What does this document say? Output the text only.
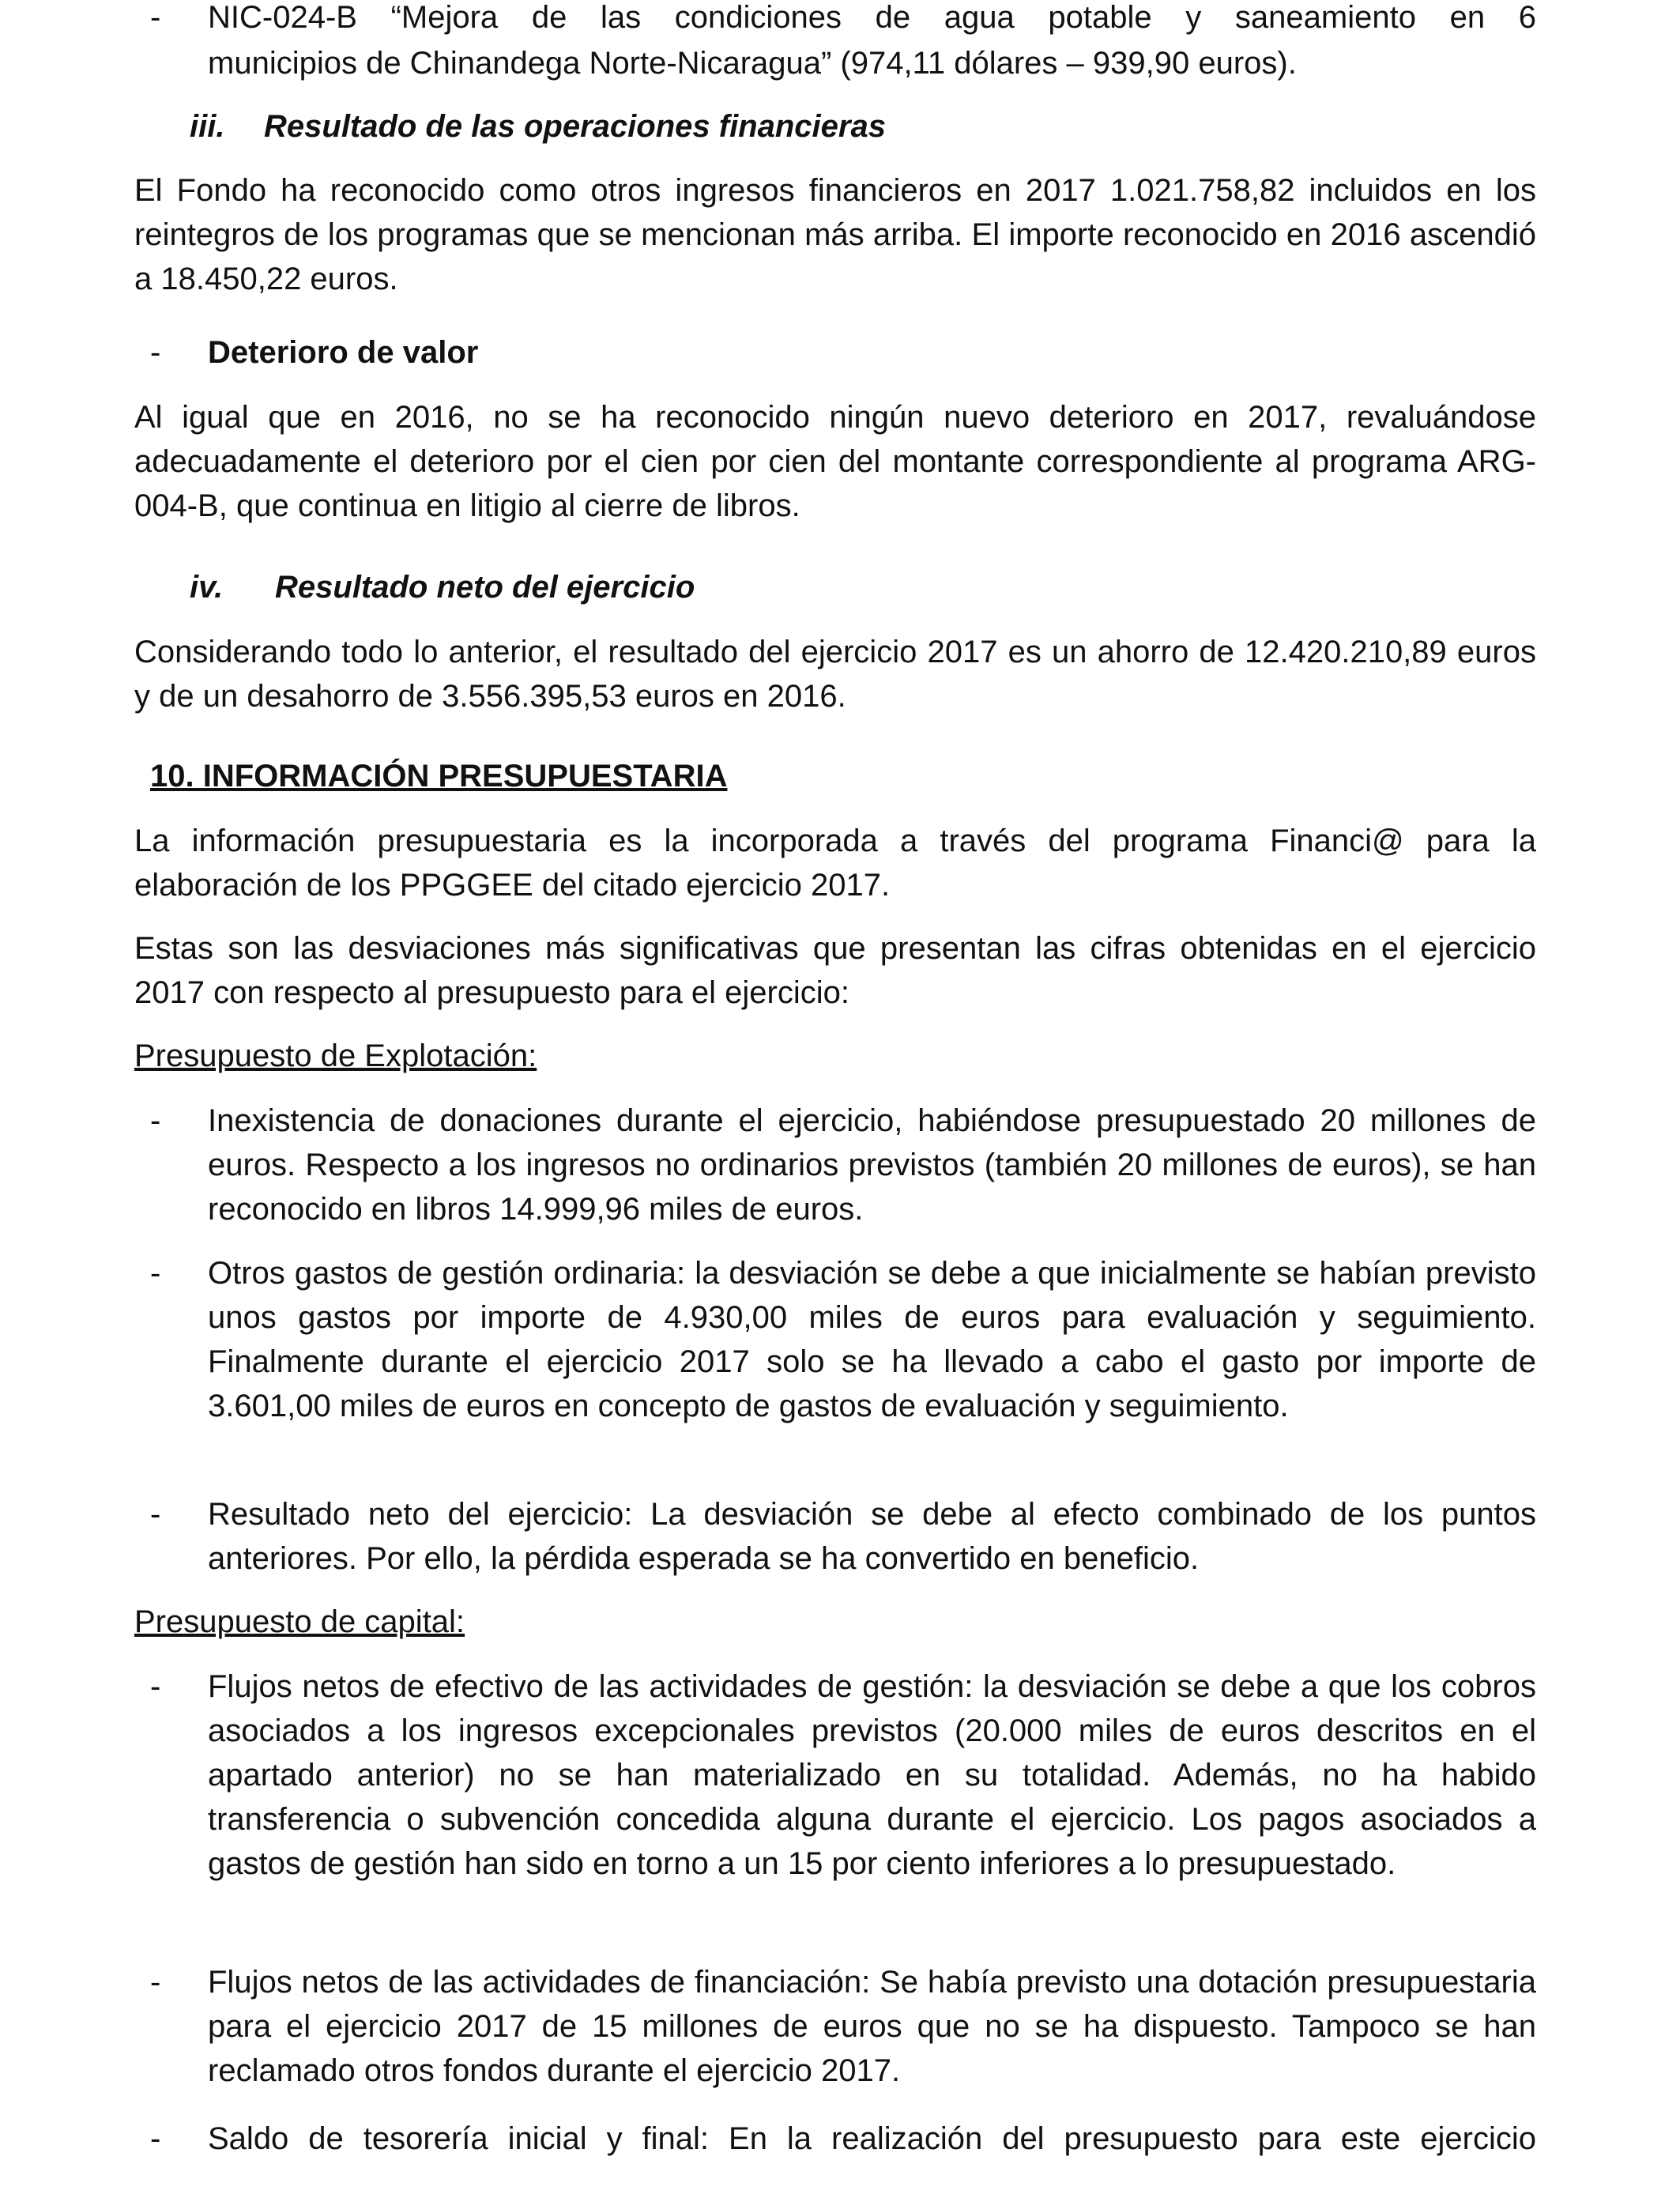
-	NIC-024-B “Mejora de las condiciones de agua potable y saneamiento en 6
municipios de Chinandega Norte-Nicaragua” (974,11 dólares – 939,90 euros).
iii. Resultado de las operaciones financieras
El Fondo ha reconocido como otros ingresos financieros en 2017 1.021.758,82 incluidos en los reintegros de los programas que se mencionan más arriba. El importe reconocido en 2016 ascendió a 18.450,22 euros.
-	Deterioro de valor
Al igual que en 2016, no se ha reconocido ningún nuevo deterioro en 2017, revaluándose adecuadamente el deterioro por el cien por cien del montante correspondiente al programa ARG-004-B, que continua en litigio al cierre de libros.
iv. Resultado neto del ejercicio
Considerando todo lo anterior, el resultado del ejercicio 2017 es un ahorro de 12.420.210,89 euros y de un desahorro de 3.556.395,53 euros en 2016.
10. INFORMACIÓN PRESUPUESTARIA
La información presupuestaria es la incorporada a través del programa Financi@ para la elaboración de los PPGGEE del citado ejercicio 2017.
Estas son las desviaciones más significativas que presentan las cifras obtenidas en el ejercicio 2017 con respecto al presupuesto para el ejercicio:
Presupuesto de Explotación:
-	Inexistencia de donaciones durante el ejercicio, habiéndose presupuestado 20 millones de euros. Respecto a los ingresos no ordinarios previstos (también 20 millones de euros), se han reconocido en libros 14.999,96 miles de euros.
-	Otros gastos de gestión ordinaria: la desviación se debe a que inicialmente se habían previsto unos gastos por importe de 4.930,00 miles de euros para evaluación y seguimiento. Finalmente durante el ejercicio 2017 solo se ha llevado a cabo el gasto por importe de 3.601,00 miles de euros en concepto de gastos de evaluación y seguimiento.
-	Resultado neto del ejercicio: La desviación se debe al efecto combinado de los puntos anteriores. Por ello, la pérdida esperada se ha convertido en beneficio.
Presupuesto de capital:
-	Flujos netos de efectivo de las actividades de gestión: la desviación se debe a que los cobros asociados a los ingresos excepcionales previstos (20.000 miles de euros descritos en el apartado anterior) no se han materializado en su totalidad. Además, no ha habido transferencia o subvención concedida alguna durante el ejercicio. Los pagos asociados a gastos de gestión han sido en torno a un 15 por ciento inferiores a lo presupuestado.
-	Flujos netos de las actividades de financiación: Se había previsto una dotación presupuestaria para el ejercicio 2017 de 15 millones de euros que no se ha dispuesto. Tampoco se han reclamado otros fondos durante el ejercicio 2017.
-	Saldo de tesorería inicial y final: En la realización del presupuesto para este ejercicio
